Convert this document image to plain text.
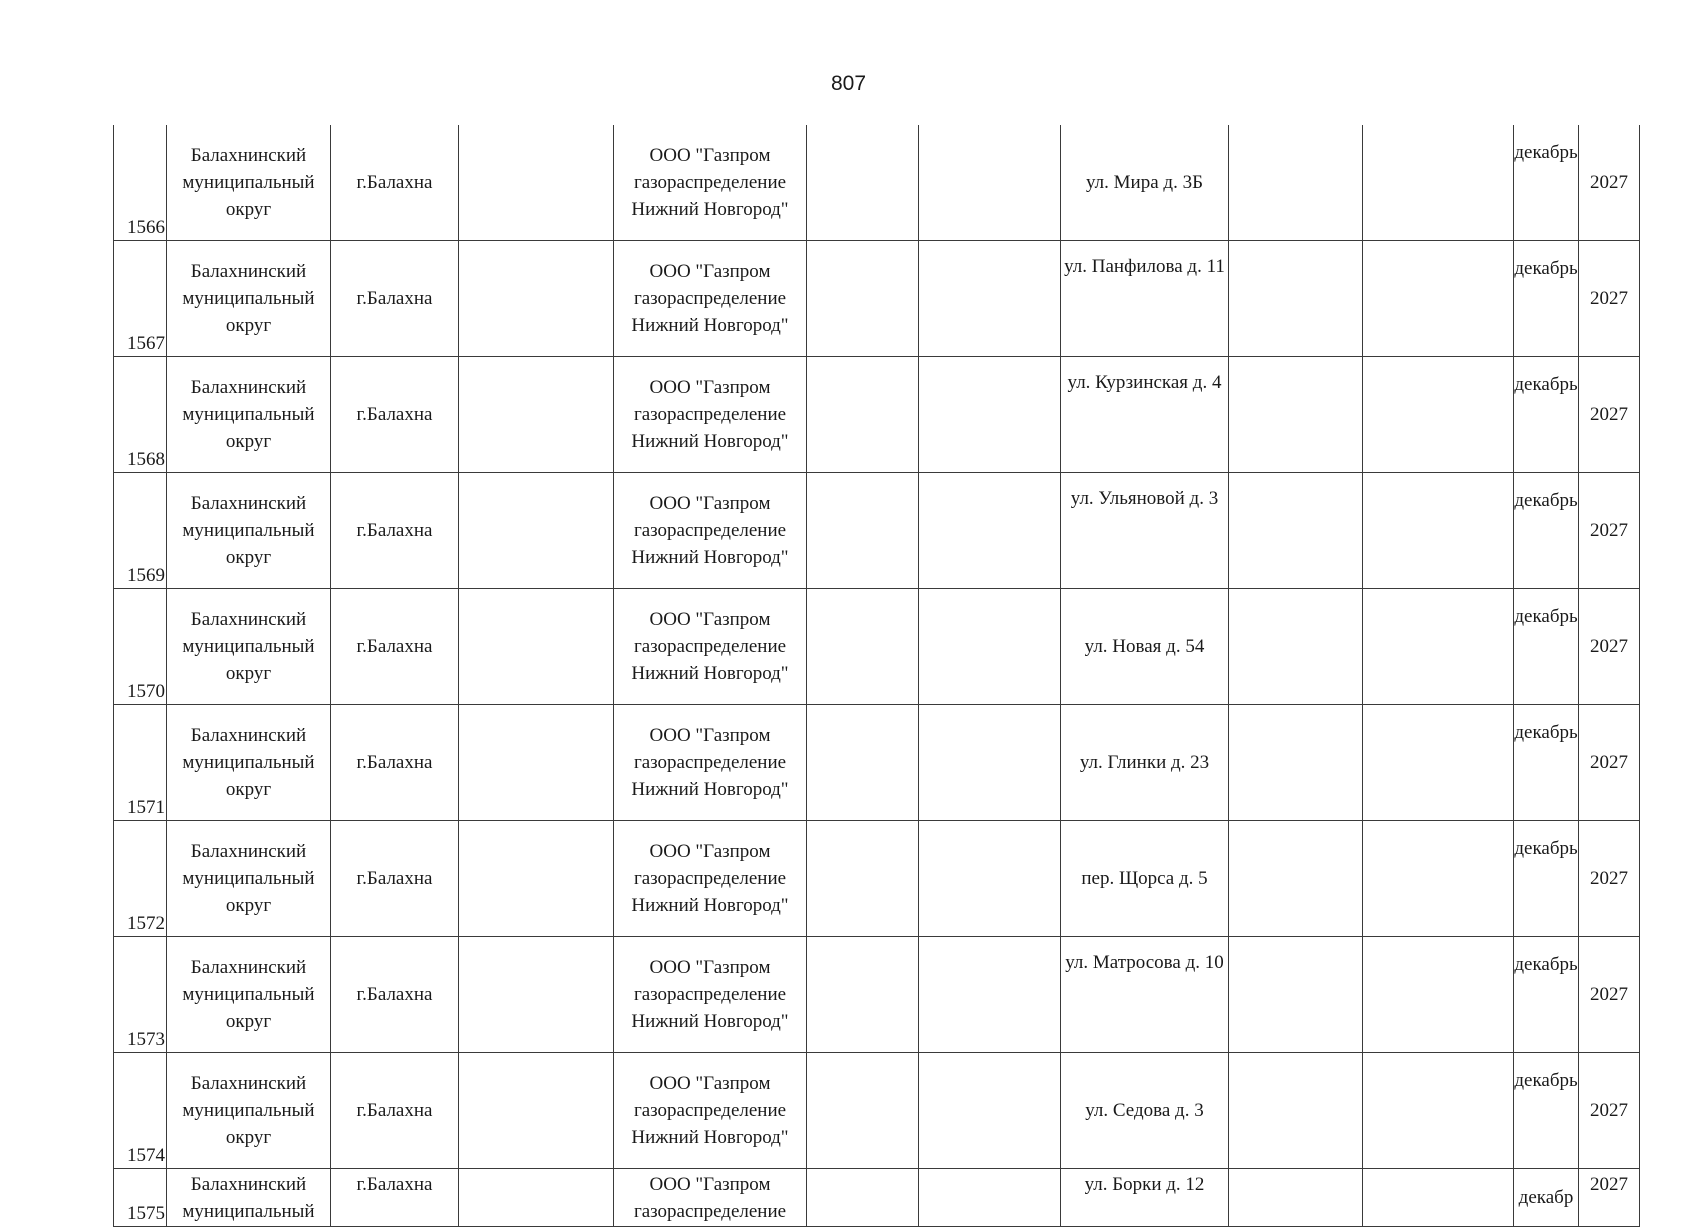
807
1566	Балахнинский муниципальный округ	г.Балахна		ООО "Газпром газораспределение Нижний Новгород"			ул. Мира д. 3Б			декабрь	2027
1567	Балахнинский муниципальный округ	г.Балахна		ООО "Газпром газораспределение Нижний Новгород"			ул. Панфилова д. 11			декабрь	2027
1568	Балахнинский муниципальный округ	г.Балахна		ООО "Газпром газораспределение Нижний Новгород"			ул. Курзинская д. 4			декабрь	2027
1569	Балахнинский муниципальный округ	г.Балахна		ООО "Газпром газораспределение Нижний Новгород"			ул. Ульяновой д. 3			декабрь	2027
1570	Балахнинский муниципальный округ	г.Балахна		ООО "Газпром газораспределение Нижний Новгород"			ул. Новая д. 54			декабрь	2027
1571	Балахнинский муниципальный округ	г.Балахна		ООО "Газпром газораспределение Нижний Новгород"			ул. Глинки д. 23			декабрь	2027
1572	Балахнинский муниципальный округ	г.Балахна		ООО "Газпром газораспределение Нижний Новгород"			пер. Щорса д. 5			декабрь	2027
1573	Балахнинский муниципальный округ	г.Балахна		ООО "Газпром газораспределение Нижний Новгород"			ул. Матросова д. 10			декабрь	2027
1574	Балахнинский муниципальный округ	г.Балахна		ООО "Газпром газораспределение Нижний Новгород"			ул. Седова д. 3			декабрь	2027
1575	Балахнинский муниципальный	г.Балахна		ООО "Газпром газораспределение			ул. Борки д. 12			декабр	2027
